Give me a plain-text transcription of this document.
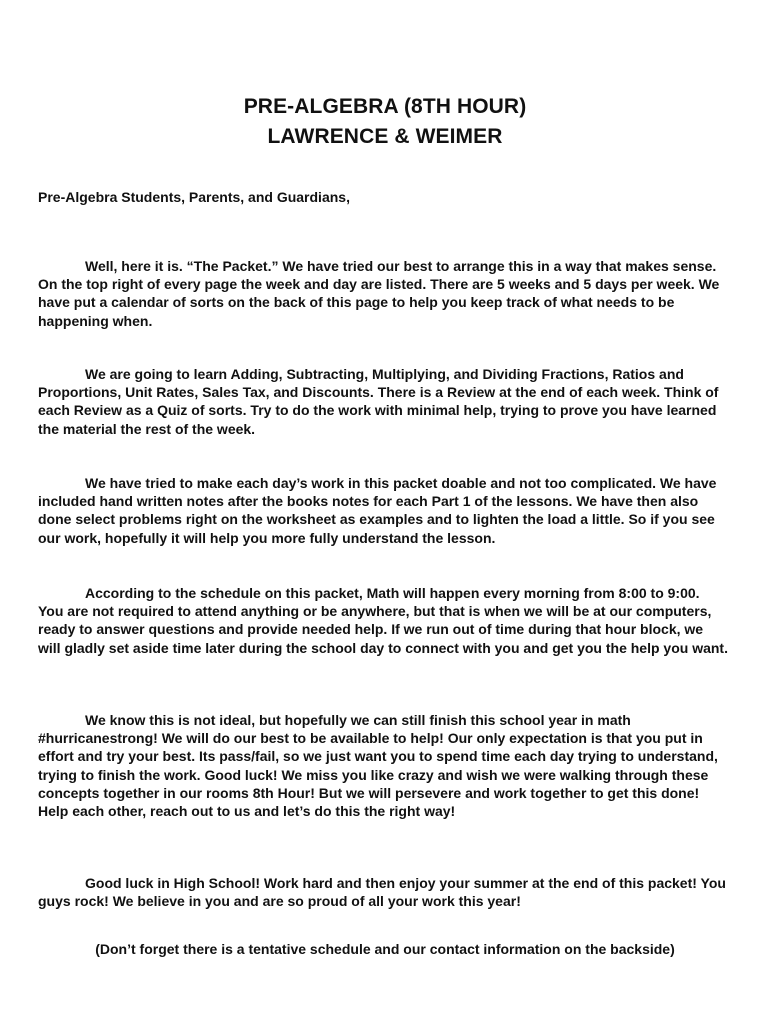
PRE-ALGEBRA (8TH HOUR)
LAWRENCE & WEIMER
Pre-Algebra Students, Parents, and Guardians,

Well, here it is. “The Packet.” We have tried our best to arrange this in a way that makes sense. On the top right of every page the week and day are listed. There are 5 weeks and 5 days per week. We have put a calendar of sorts on the back of this page to help you keep track of what needs to be happening when.

We are going to learn Adding, Subtracting, Multiplying, and Dividing Fractions, Ratios and Proportions, Unit Rates, Sales Tax, and Discounts. There is a Review at the end of each week. Think of each Review as a Quiz of sorts. Try to do the work with minimal help, trying to prove you have learned the material the rest of the week.

We have tried to make each day’s work in this packet doable and not too complicated. We have included hand written notes after the books notes for each Part 1 of the lessons. We have then also done select problems right on the worksheet as examples and to lighten the load a little. So if you see our work, hopefully it will help you more fully understand the lesson.

According to the schedule on this packet, Math will happen every morning from 8:00 to 9:00. You are not required to attend anything or be anywhere, but that is when we will be at our computers, ready to answer questions and provide needed help. If we run out of time during that hour block, we will gladly set aside time later during the school day to connect with you and get you the help you want.

We know this is not ideal, but hopefully we can still finish this school year in math #hurricanestrong! We will do our best to be available to help! Our only expectation is that you put in effort and try your best. Its pass/fail, so we just want you to spend time each day trying to understand, trying to finish the work. Good luck! We miss you like crazy and wish we were walking through these concepts together in our rooms 8th Hour! But we will persevere and work together to get this done! Help each other, reach out to us and let’s do this the right way!

Good luck in High School! Work hard and then enjoy your summer at the end of this packet! You guys rock! We believe in you and are so proud of all your work this year!

(Don’t forget there is a tentative schedule and our contact information on the backside)
